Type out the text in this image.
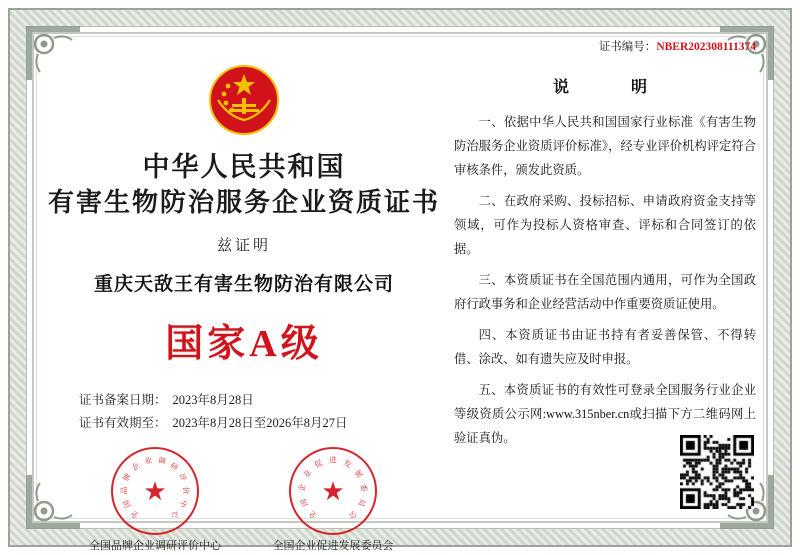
中华人民共和国
有害生物防治服务企业资质证书
兹证明
重庆天敌王有害生物防治有限公司
国家A级
证书备案日期： 2023年8月28日
证书有效期至： 2023年8月28日至2026年8月27日
全
国
品
牌
企
业 调
研
评
价
中
心
★
全国品牌企业调研评价中心
全
国
企
业
促 进 发
展
委
员
会
★
全国企业促进发展委员会
证书编号：NBER202308111374
说　　明
一、依据中华人民共和国国家行业标准《有害生物防治服务企业资质评价标准》，经专业评价机构评定符合审核条件，颁发此资质。
二、在政府采购、投标招标、申请政府资金支持等领域，可作为投标人资格审查、评标和合同签订的依据。
三、本资质证书在全国范围内通用，可作为全国政府行政事务和企业经营活动中作重要资质证使用。
四、本资质证书由证书持有者妥善保管、不得转借、涂改、如有遗失应及时申报。
五、本资质证书的有效性可登录全国服务行业企业等级资质公示网:www.315nber.cn或扫描下方二维码网上验证真伪。
